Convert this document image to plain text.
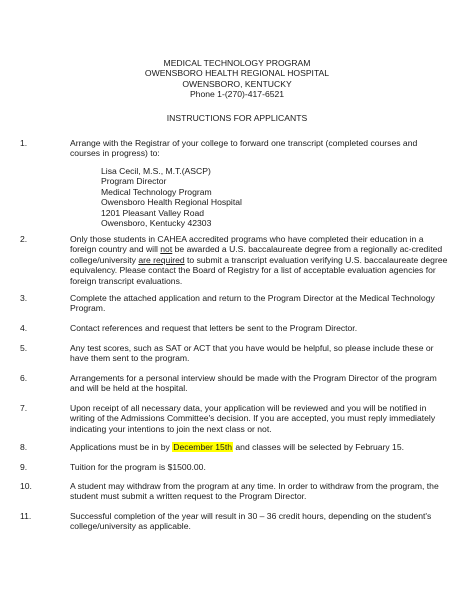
MEDICAL TECHNOLOGY PROGRAM
OWENSBORO HEALTH REGIONAL HOSPITAL
OWENSBORO, KENTUCKY
Phone 1-(270)-417-6521
INSTRUCTIONS FOR APPLICANTS
1.	Arrange with the Registrar of your college to forward one transcript (completed courses and courses in progress) to:
Lisa Cecil, M.S., M.T.(ASCP)
Program Director
Medical Technology Program
Owensboro Health Regional Hospital
1201 Pleasant Valley Road
Owensboro, Kentucky 42303
2.	Only those students in CAHEA accredited programs who have completed their education in a foreign country and will not be awarded a U.S. baccalaureate degree from a regionally ac-credited college/university are required to submit a transcript evaluation verifying U.S. baccalaureate degree equivalency. Please contact the Board of Registry for a list of acceptable evaluation agencies for foreign transcript evaluations.
3.	Complete the attached application and return to the Program Director at the Medical Technology Program.
4.	Contact references and request that letters be sent to the Program Director.
5.	Any test scores, such as SAT or ACT that you have would be helpful, so please include these or have them sent to the program.
6.	Arrangements for a personal interview should be made with the Program Director of the program and will be held at the hospital.
7.	Upon receipt of all necessary data, your application will be reviewed and you will be notified in writing of the Admissions Committee's decision. If you are accepted, you must reply immediately indicating your intentions to join the next class or not.
8.	Applications must be in by December 15th and classes will be selected by February 15.
9.	Tuition for the program is $1500.00.
10.	A student may withdraw from the program at any time. In order to withdraw from the program, the student must submit a written request to the Program Director.
11.	Successful completion of the year will result in 30 – 36 credit hours, depending on the student's college/university as applicable.
